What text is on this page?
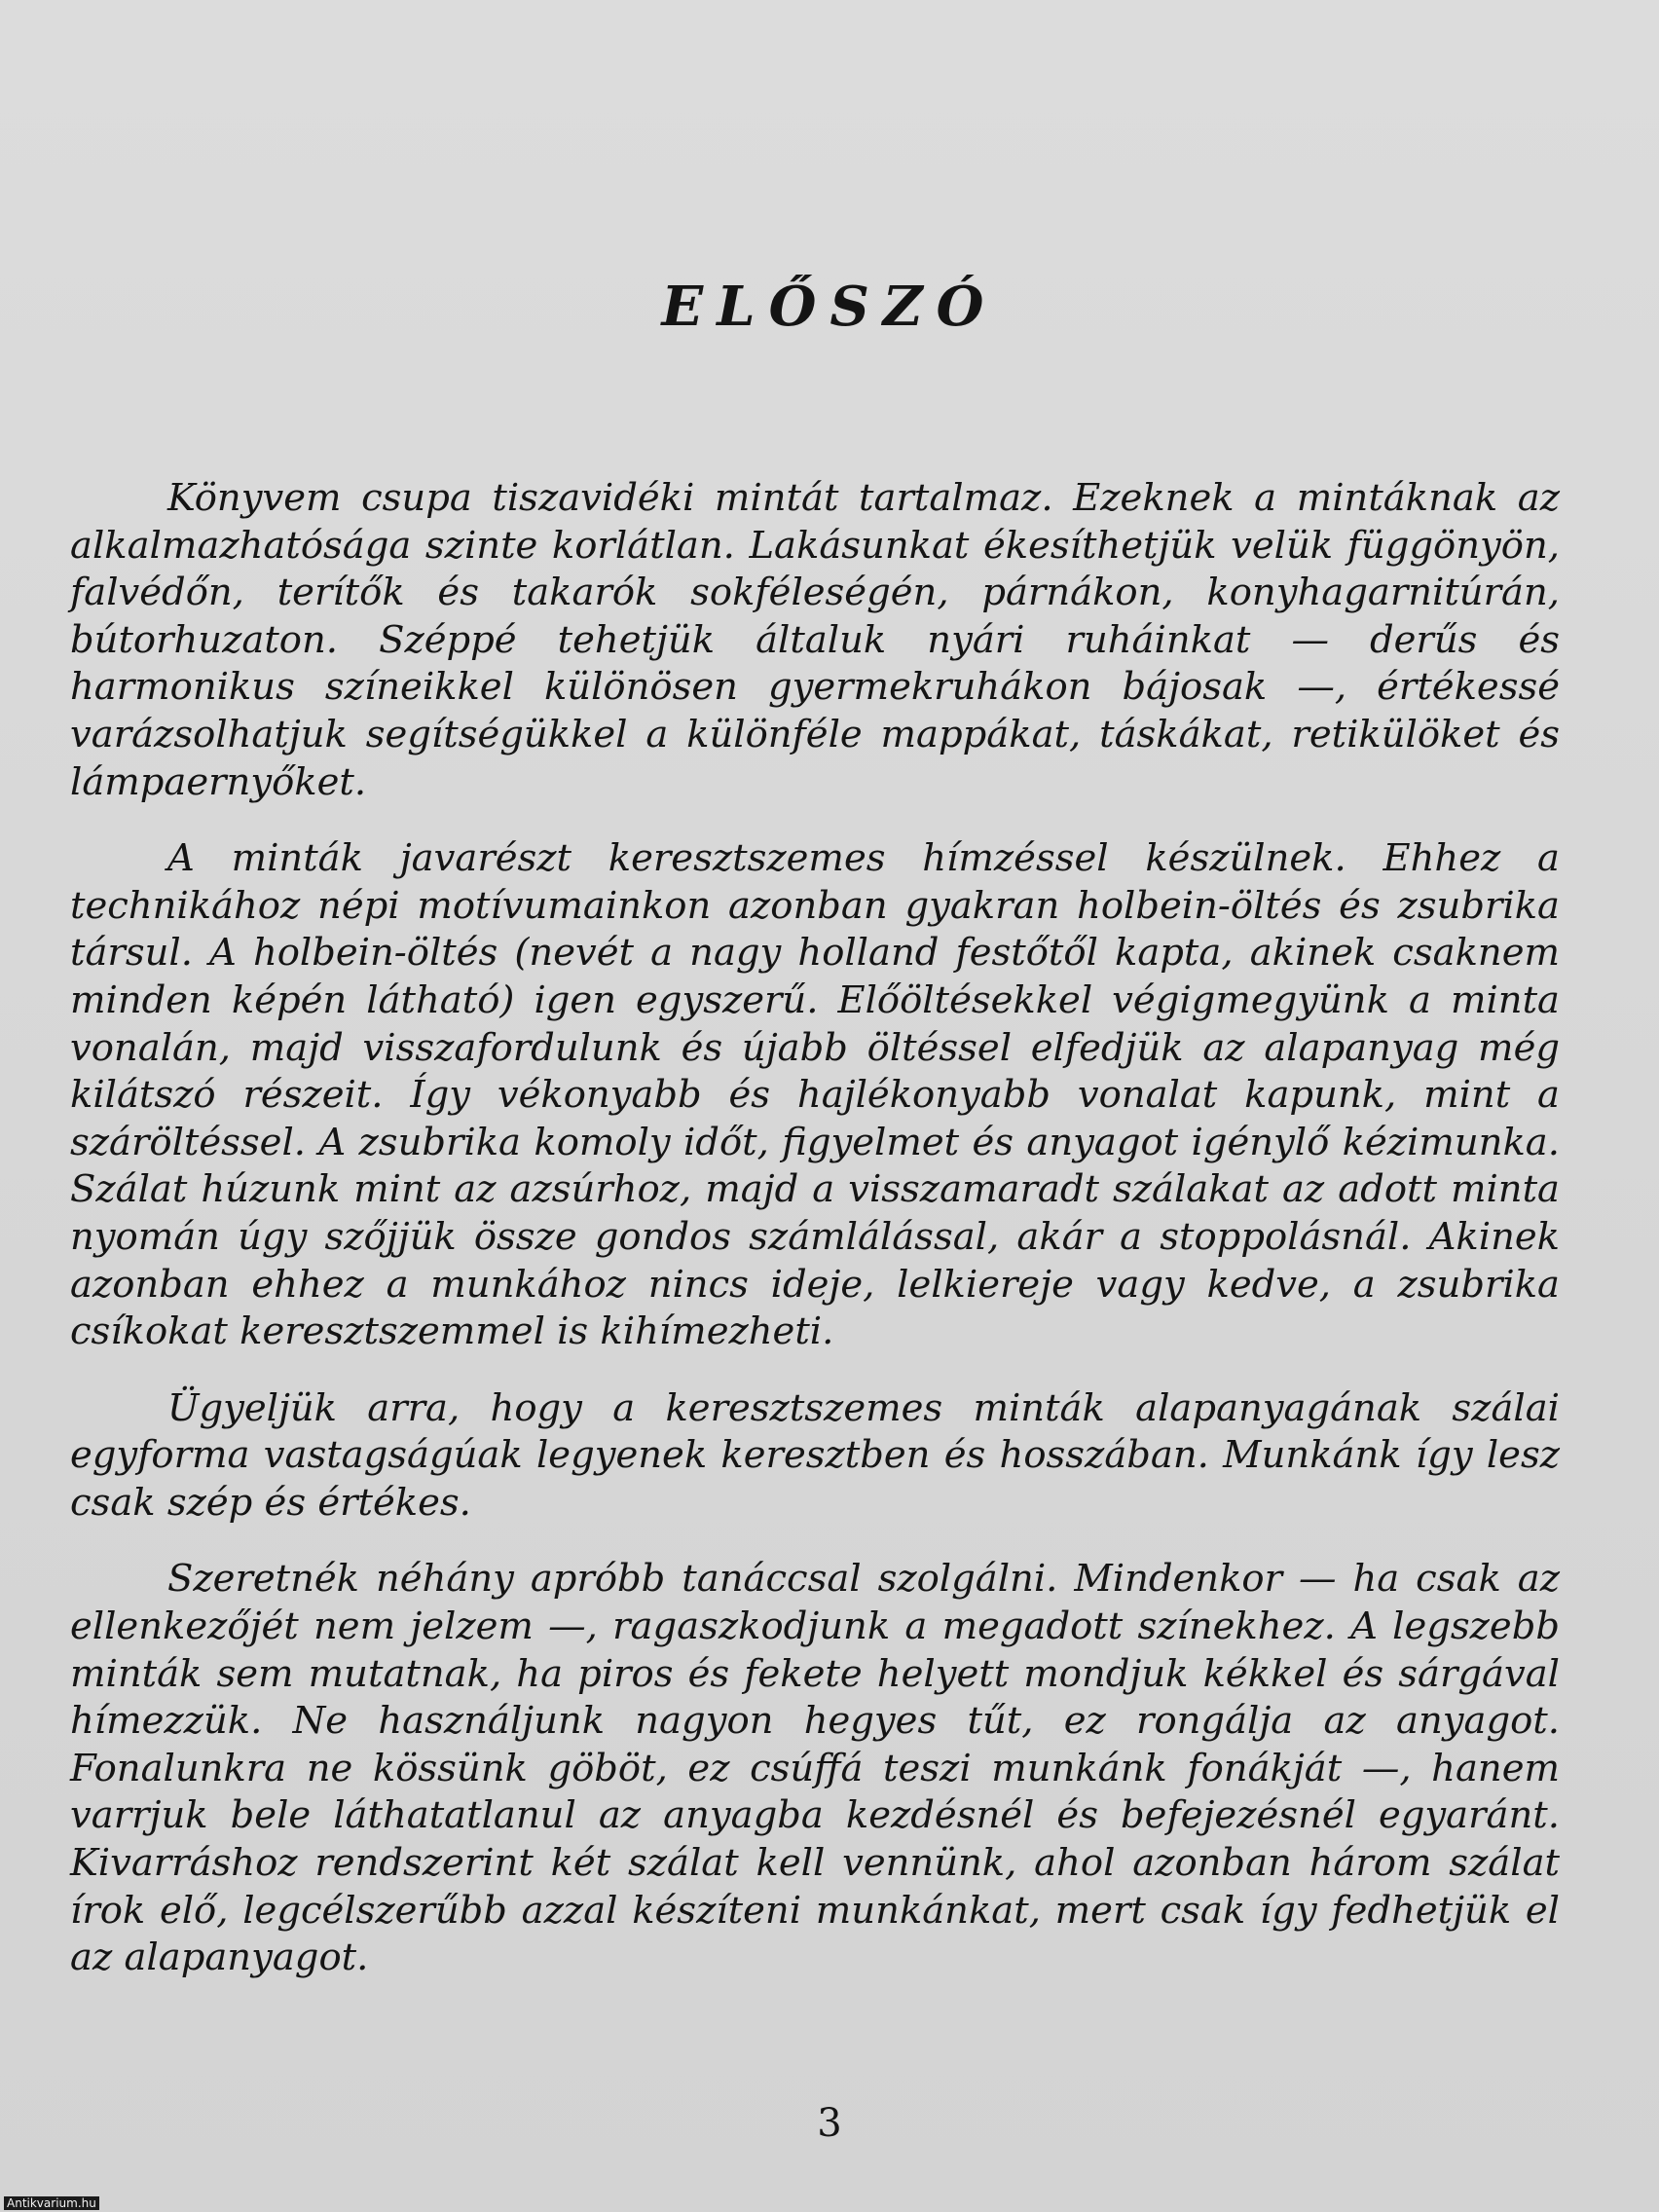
ELŐSZÓ

Könyvem csupa tiszavidéki mintát tartalmaz. Ezeknek a mintáknak az alkalmazhatósága szinte korlátlan. Lakásunkat ékesíthetjük velük függönyön, falvédőn, terítők és takarók sokféleségén, párnákon, konyhagarnitúrán, bútorhuzaton. Széppé tehetjük általuk nyári ruháinkat — derűs és harmonikus színeikkel különösen gyermekruhákon bájosak —, értékessé varázsolhatjuk segítségükkel a különféle mappákat, táskákat, retikülöket és lámpaernyőket.

A minták javarészt keresztszemes hímzéssel készülnek. Ehhez a technikához népi motívumainkon azonban gyakran holbein-öltés és zsubrika társul. A holbein-öltés (nevét a nagy holland festőtől kapta, akinek csaknem minden képén látható) igen egyszerű. Előöltésekkel végigmegyünk a minta vonalán, majd visszafordulunk és újabb öltéssel elfedjük az alapanyag még kilátszó részeit. Így vékonyabb és hajlékonyabb vonalat kapunk, mint a száröltéssel. A zsubrika komoly időt, figyelmet és anyagot igénylő kézimunka. Szálat húzunk mint az azsúrhoz, majd a visszamaradt szálakat az adott minta nyomán úgy szőjjük össze gondos számlálással, akár a stoppolásnál. Akinek azonban ehhez a munkához nincs ideje, lelkiereje vagy kedve, a zsubrika csíkokat keresztszemmel is kihímezheti.

Ügyeljük arra, hogy a keresztszemes minták alapanyagának szálai egyforma vastagságúak legyenek keresztben és hosszában. Munkánk így lesz csak szép és értékes.

Szeretnék néhány apróbb tanáccsal szolgálni. Mindenkor — ha csak az ellenkezőjét nem jelzem —, ragaszkodjunk a megadott színekhez. A legszebb minták sem mutatnak, ha piros és fekete helyett mondjuk kékkel és sárgával hímezzük. Ne használjunk nagyon hegyes tűt, ez rongálja az anyagot. Fonalunkra ne kössünk göböt, ez csúffá teszi munkánk fonákját —, hanem varrjuk bele láthatatlanul az anyagba kezdésnél és befejezésnél egyaránt. Kivarráshoz rendszerint két szálat kell vennünk, ahol azonban három szálat írok elő, legcélszerűbb azzal készíteni munkánkat, mert csak így fedhetjük el az alapanyagot.

3
Antikvarium.hu
